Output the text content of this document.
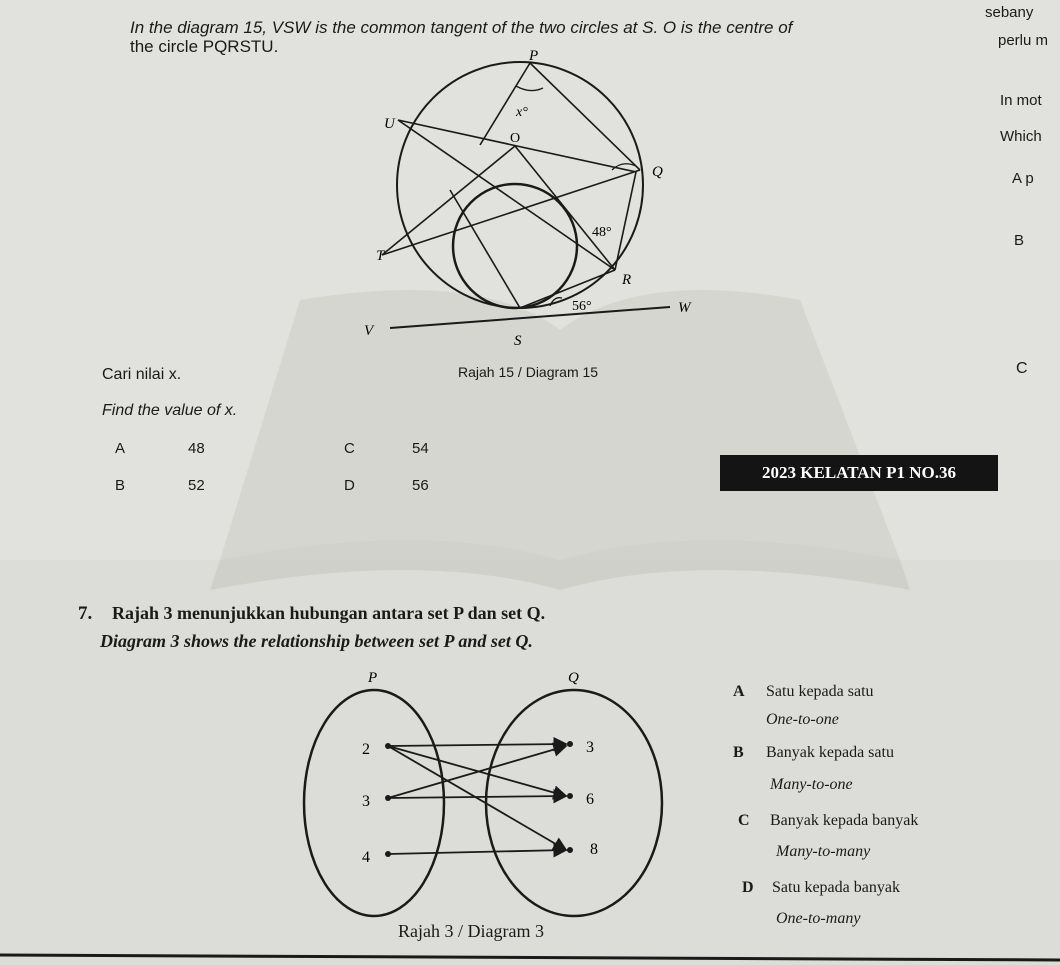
sebany
perlu m
In mot
Which
A p
B
C
In the diagram 15, VSW is the common tangent of the two circles at S. O is the centre of
the circle PQRSTU.	P
U
O
Q
T
R
W
V
S
x°
48°
56°
Cari nilai x.	Rajah 15 / Diagram 15
Find the value of x.
A	48
B	52
C	54
D	56
2023 KELATAN P1 NO.36
7. Rajah 3 menunjukkan hubungan antara set P dan set Q.
Diagram 3 shows the relationship between set P and set Q.
P	Q
2
3
4
3
6
8
Rajah 3 / Diagram 3
A Satu kepada satu
One-to-one
B Banyak kepada satu
Many-to-one
C Banyak kepada banyak
Many-to-many
D Satu kepada banyak
One-to-many
